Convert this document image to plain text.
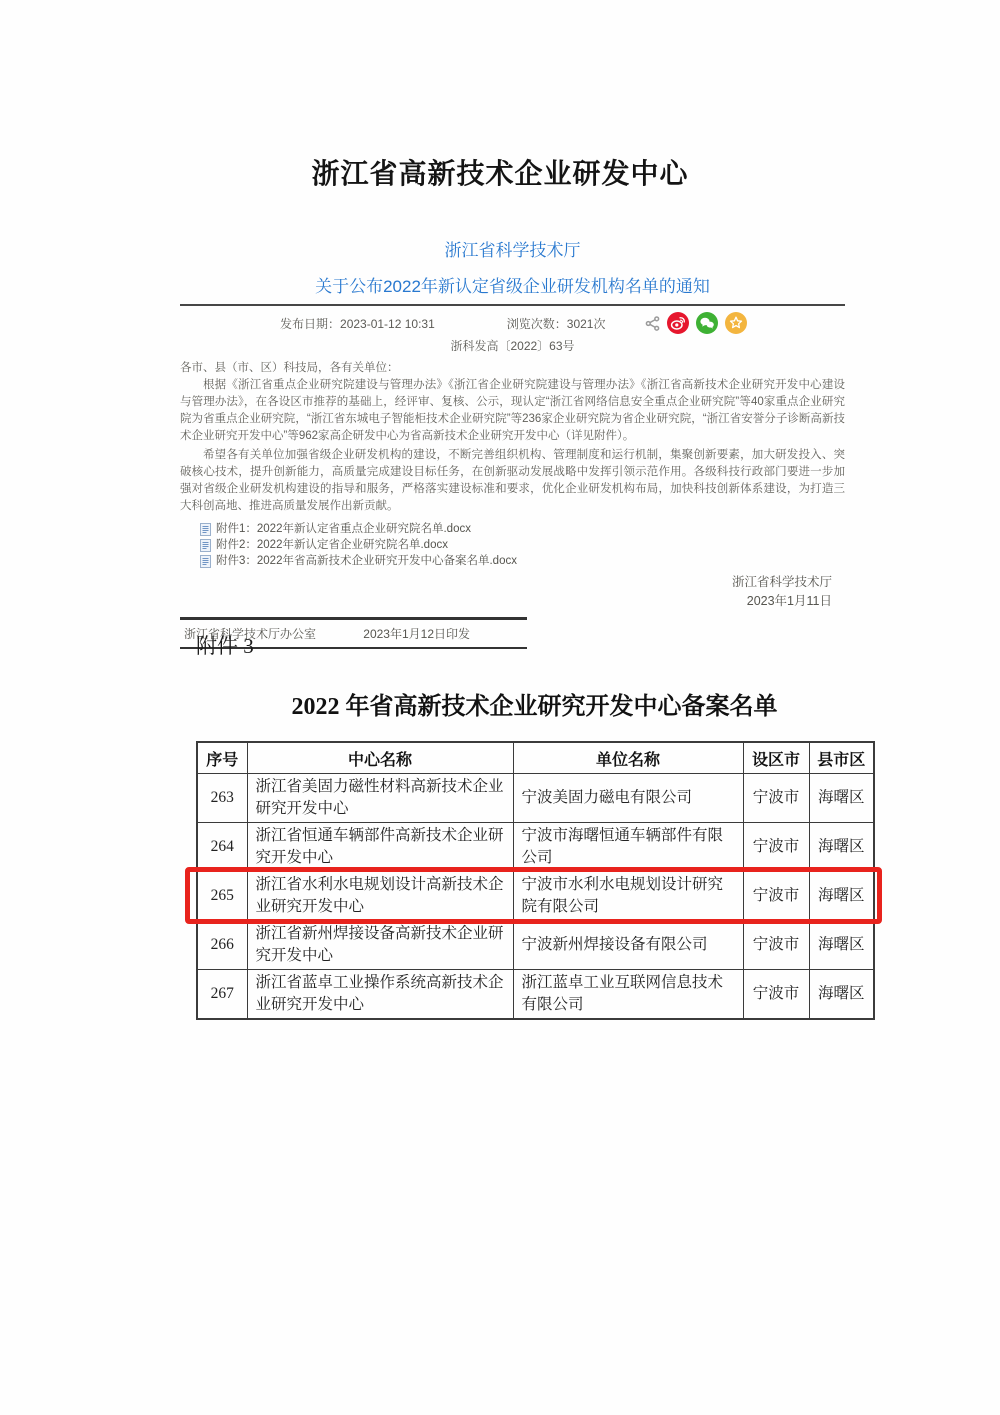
浙江省高新技术企业研发中心
浙江省科学技术厅
关于公布2022年新认定省级企业研发机构名单的通知
发布日期：2023-01-12 10:31	浏览次数：3021次
浙科发高〔2022〕63号

各市、县（市、区）科技局，各有关单位：

根据《浙江省重点企业研究院建设与管理办法》《浙江省企业研究院建设与管理办法》《浙江省高新技术企业研究开发中心建设与管理办法》，在各设区市推荐的基础上，经评审、复核、公示，现认定“浙江省网络信息安全重点企业研究院”等40家重点企业研究院为省重点企业研究院，“浙江省东城电子智能柜技术企业研究院”等236家企业研究院为省企业研究院，“浙江省安誉分子诊断高新技术企业研究开发中心”等962家高企研发中心为省高新技术企业研究开发中心（详见附件）。

希望各有关单位加强省级企业研发机构的建设，不断完善组织机构、管理制度和运行机制，集聚创新要素，加大研发投入、突破核心技术，提升创新能力，高质量完成建设目标任务，在创新驱动发展战略中发挥引领示范作用。各级科技行政部门要进一步加强对省级企业研发机构建设的指导和服务，严格落实建设标准和要求，优化企业研发机构布局，加快科技创新体系建设，为打造三大科创高地、推进高质量发展作出新贡献。

附件1：2022年新认定省重点企业研究院名单.docx
附件2：2022年新认定省企业研究院名单.docx
附件3：2022年省高新技术企业研究开发中心备案名单.docx
浙江省科学技术厅
2023年1月11日
浙江省科学技术厅办公室	2023年1月12日印发
附件 3
2022 年省高新技术企业研究开发中心备案名单
序号	中心名称	单位名称	设区市	县市区
263	浙江省美固力磁性材料高新技术企业研究开发中心	宁波美固力磁电有限公司	宁波市	海曙区
264	浙江省恒通车辆部件高新技术企业研究开发中心	宁波市海曙恒通车辆部件有限公司	宁波市	海曙区
265	浙江省水利水电规划设计高新技术企业研究开发中心	宁波市水利水电规划设计研究院有限公司	宁波市	海曙区
266	浙江省新州焊接设备高新技术企业研究开发中心	宁波新州焊接设备有限公司	宁波市	海曙区
267	浙江省蓝卓工业操作系统高新技术企业研究开发中心	浙江蓝卓工业互联网信息技术有限公司	宁波市	海曙区
